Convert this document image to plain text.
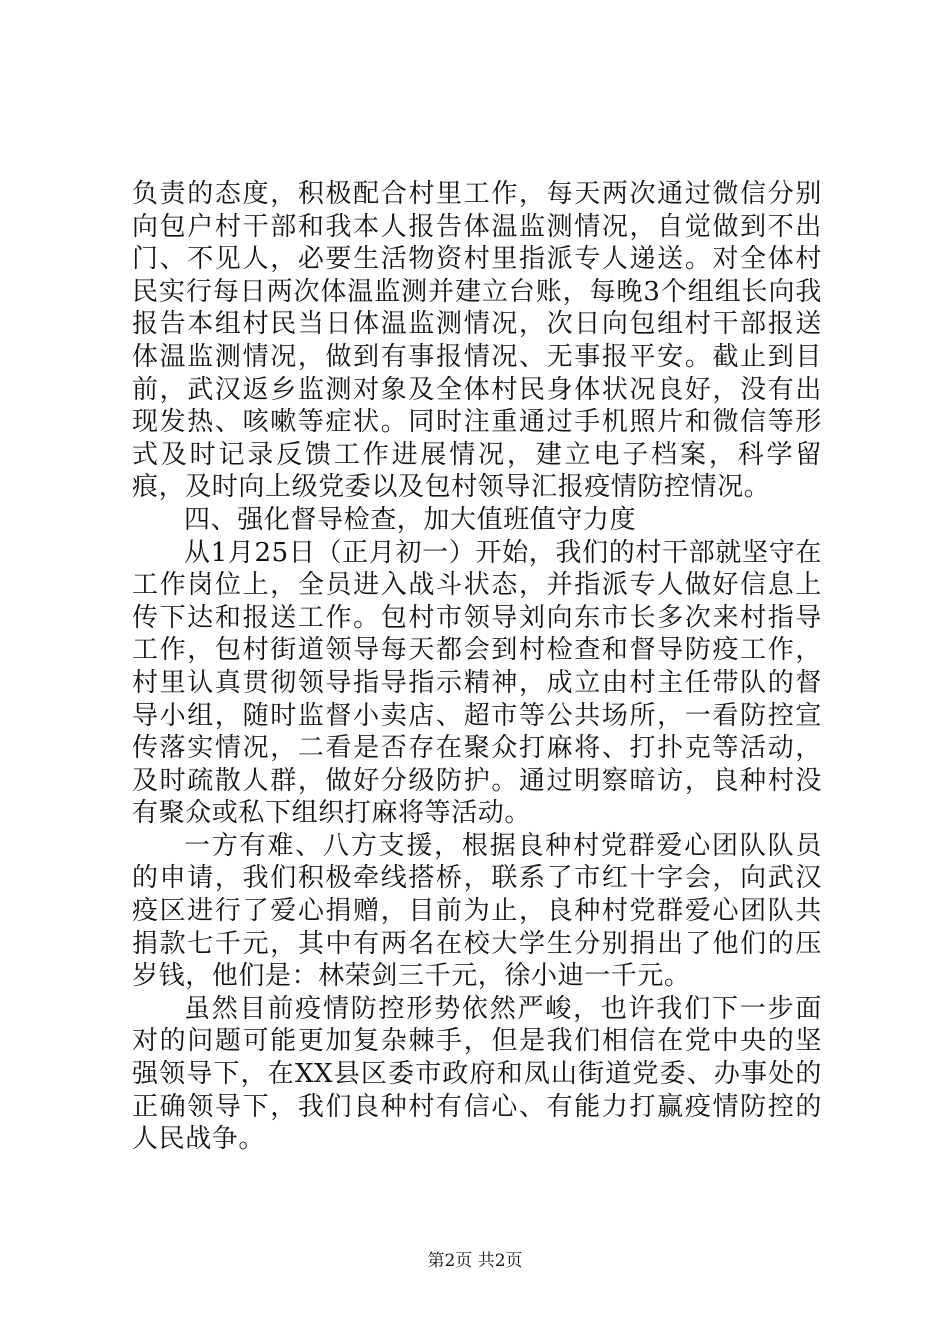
负责的态度，积极配合村里工作，每天两次通过微信分别向包户村干部和我本人报告体温监测情况，自觉做到不出门、不见人，必要生活物资村里指派专人递送。对全体村民实行每日两次体温监测并建立台账，每晚3个组组长向我报告本组村民当日体温监测情况，次日向包组村干部报送体温监测情况，做到有事报情况、无事报平安。截止到目前，武汉返乡监测对象及全体村民身体状况良好，没有出现发热、咳嗽等症状。同时注重通过手机照片和微信等形式及时记录反馈工作进展情况，建立电子档案，科学留痕，及时向上级党委以及包村领导汇报疫情防控情况。

四、强化督导检查，加大值班值守力度

从1月25日（正月初一）开始，我们的村干部就坚守在工作岗位上，全员进入战斗状态，并指派专人做好信息上传下达和报送工作。包村市领导刘向东市长多次来村指导工作，包村街道领导每天都会到村检查和督导防疫工作，村里认真贯彻领导指导指示精神，成立由村主任带队的督导小组，随时监督小卖店、超市等公共场所，一看防控宣传落实情况，二看是否存在聚众打麻将、打扑克等活动，及时疏散人群，做好分级防护。通过明察暗访，良种村没有聚众或私下组织打麻将等活动。

一方有难、八方支援，根据良种村党群爱心团队队员的申请，我们积极牵线搭桥，联系了市红十字会，向武汉疫区进行了爱心捐赠，目前为止，良种村党群爱心团队共捐款七千元，其中有两名在校大学生分别捐出了他们的压岁钱，他们是：林荣剑三千元，徐小迪一千元。

虽然目前疫情防控形势依然严峻，也许我们下一步面对的问题可能更加复杂棘手，但是我们相信在党中央的坚强领导下，在XX县区委市政府和凤山街道党委、办事处的正确领导下，我们良种村有信心、有能力打赢疫情防控的人民战争。

第2页 共2页
